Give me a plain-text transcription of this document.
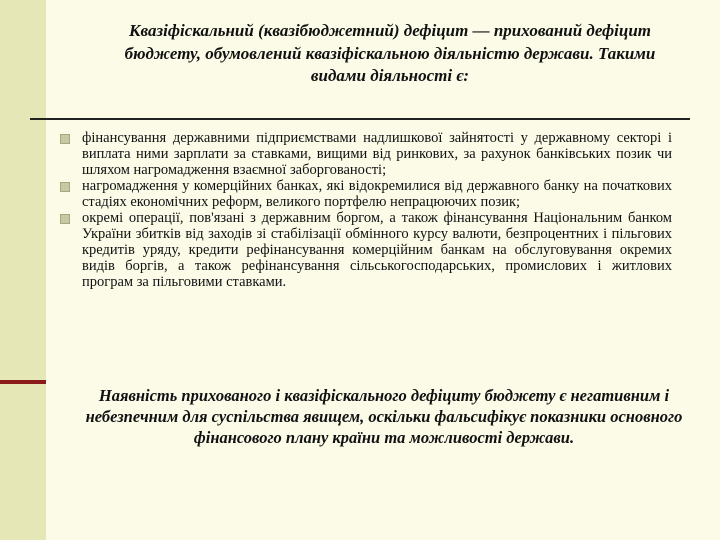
Квазіфіскальний (квазібюджетний) дефіцит — прихований дефіцит бюджету, обумовлений квазіфіскальною діяльністю держави. Такими видами діяльності є:
фінансування державними підприємствами надлишкової зайнятості у державному секторі і виплата ними зарплати за ставками, вищими від ринкових, за рахунок банківських позик чи шляхом нагромадження взаємної заборгованості;
нагромадження у комерційних банках, які відокремилися від державного банку на початкових стадіях економічних реформ, великого портфелю непрацюючих позик;
окремі операції, пов'язані з державним боргом, а також фінансування Національним банком України збитків від заходів зі стабілізації обмінного курсу валюти, безпроцентних і пільгових кредитів уряду, кредити рефінансування комерційним банкам на обслуговування окремих видів боргів, а також рефінансування сільськогосподарських, промислових і житлових програм за пільговими ставками.

Наявність прихованого і квазіфіскального дефіциту бюджету є негативним і небезпечним для суспільства явищем, оскільки фальсифікує показники основного фінансового плану країни та можливості держави.
